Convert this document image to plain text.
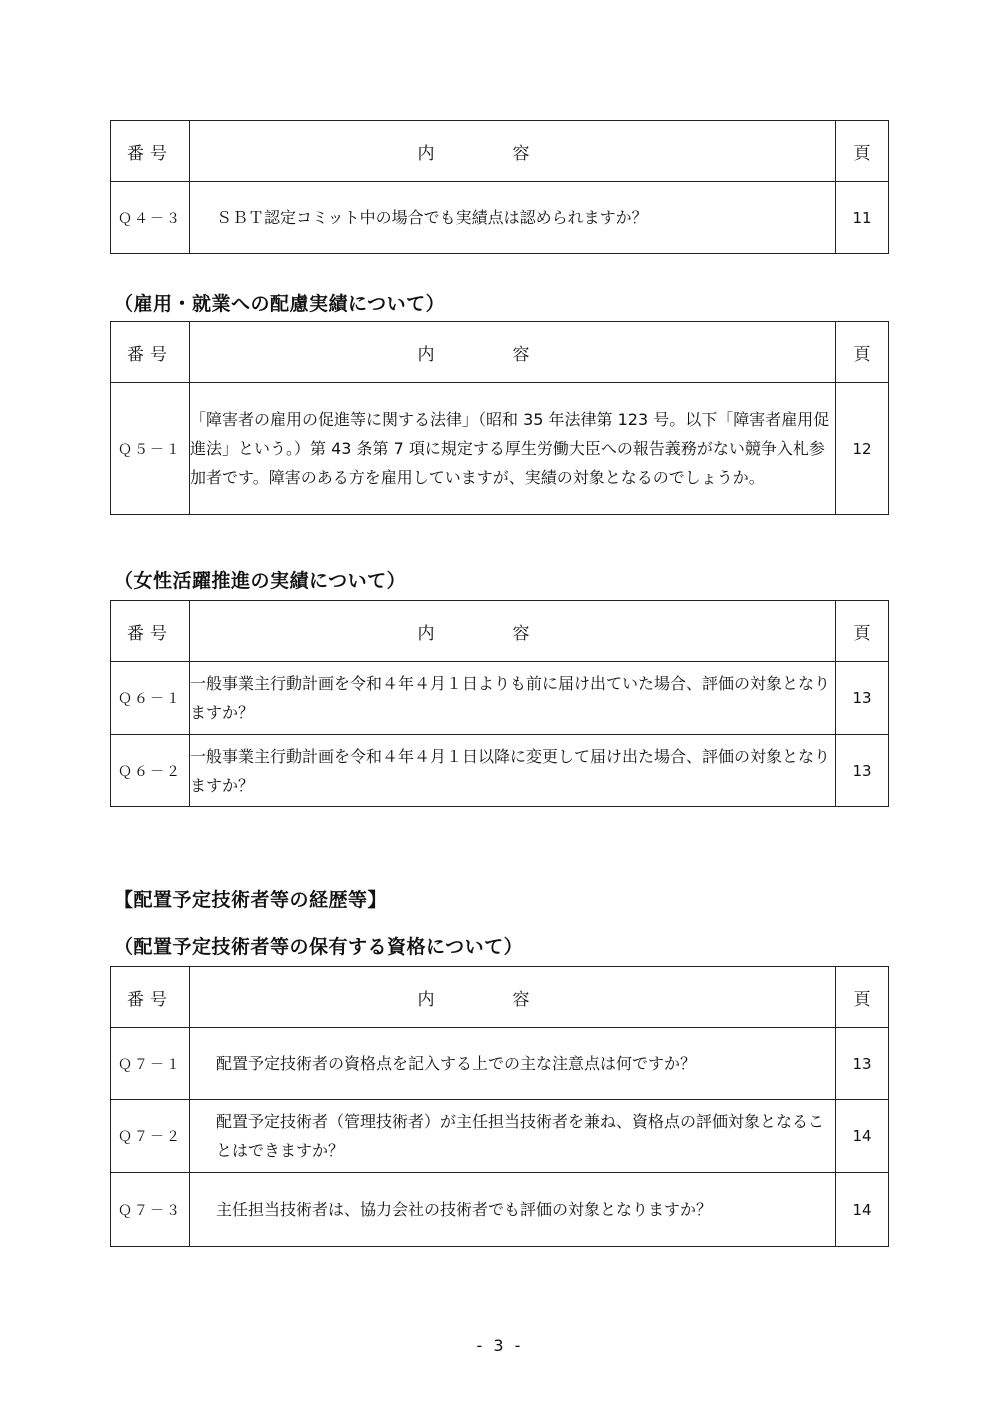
番号	内容	頁
Ｑ４－３	ＳＢＴ認定コミット中の場合でも実績点は認められますか？	11
（雇用・就業への配慮実績について）
番号	内容	頁
Ｑ５－１	「障害者の雇用の促進等に関する法律」（昭和 35 年法律第 123 号。以下「障害者雇用促進法」という。）第 43 条第 7 項に規定する厚生労働大臣への報告義務がない競争入札参加者です。障害のある方を雇用していますが、実績の対象となるのでしょうか。	12
（女性活躍推進の実績について）
番号	内容	頁
Ｑ６－１	一般事業主行動計画を令和４年４月１日よりも前に届け出ていた場合、評価の対象となりますか？	13
Ｑ６－２	一般事業主行動計画を令和４年４月１日以降に変更して届け出た場合、評価の対象となりますか？	13
【配置予定技術者等の経歴等】
（配置予定技術者等の保有する資格について）
番号	内容	頁
Ｑ７－１	配置予定技術者の資格点を記入する上での主な注意点は何ですか？	13
Ｑ７－２	配置予定技術者（管理技術者）が主任担当技術者を兼ね、資格点の評価対象となることはできますか？	14
Ｑ７－３	主任担当技術者は、協力会社の技術者でも評価の対象となりますか？	14
- 3 -
